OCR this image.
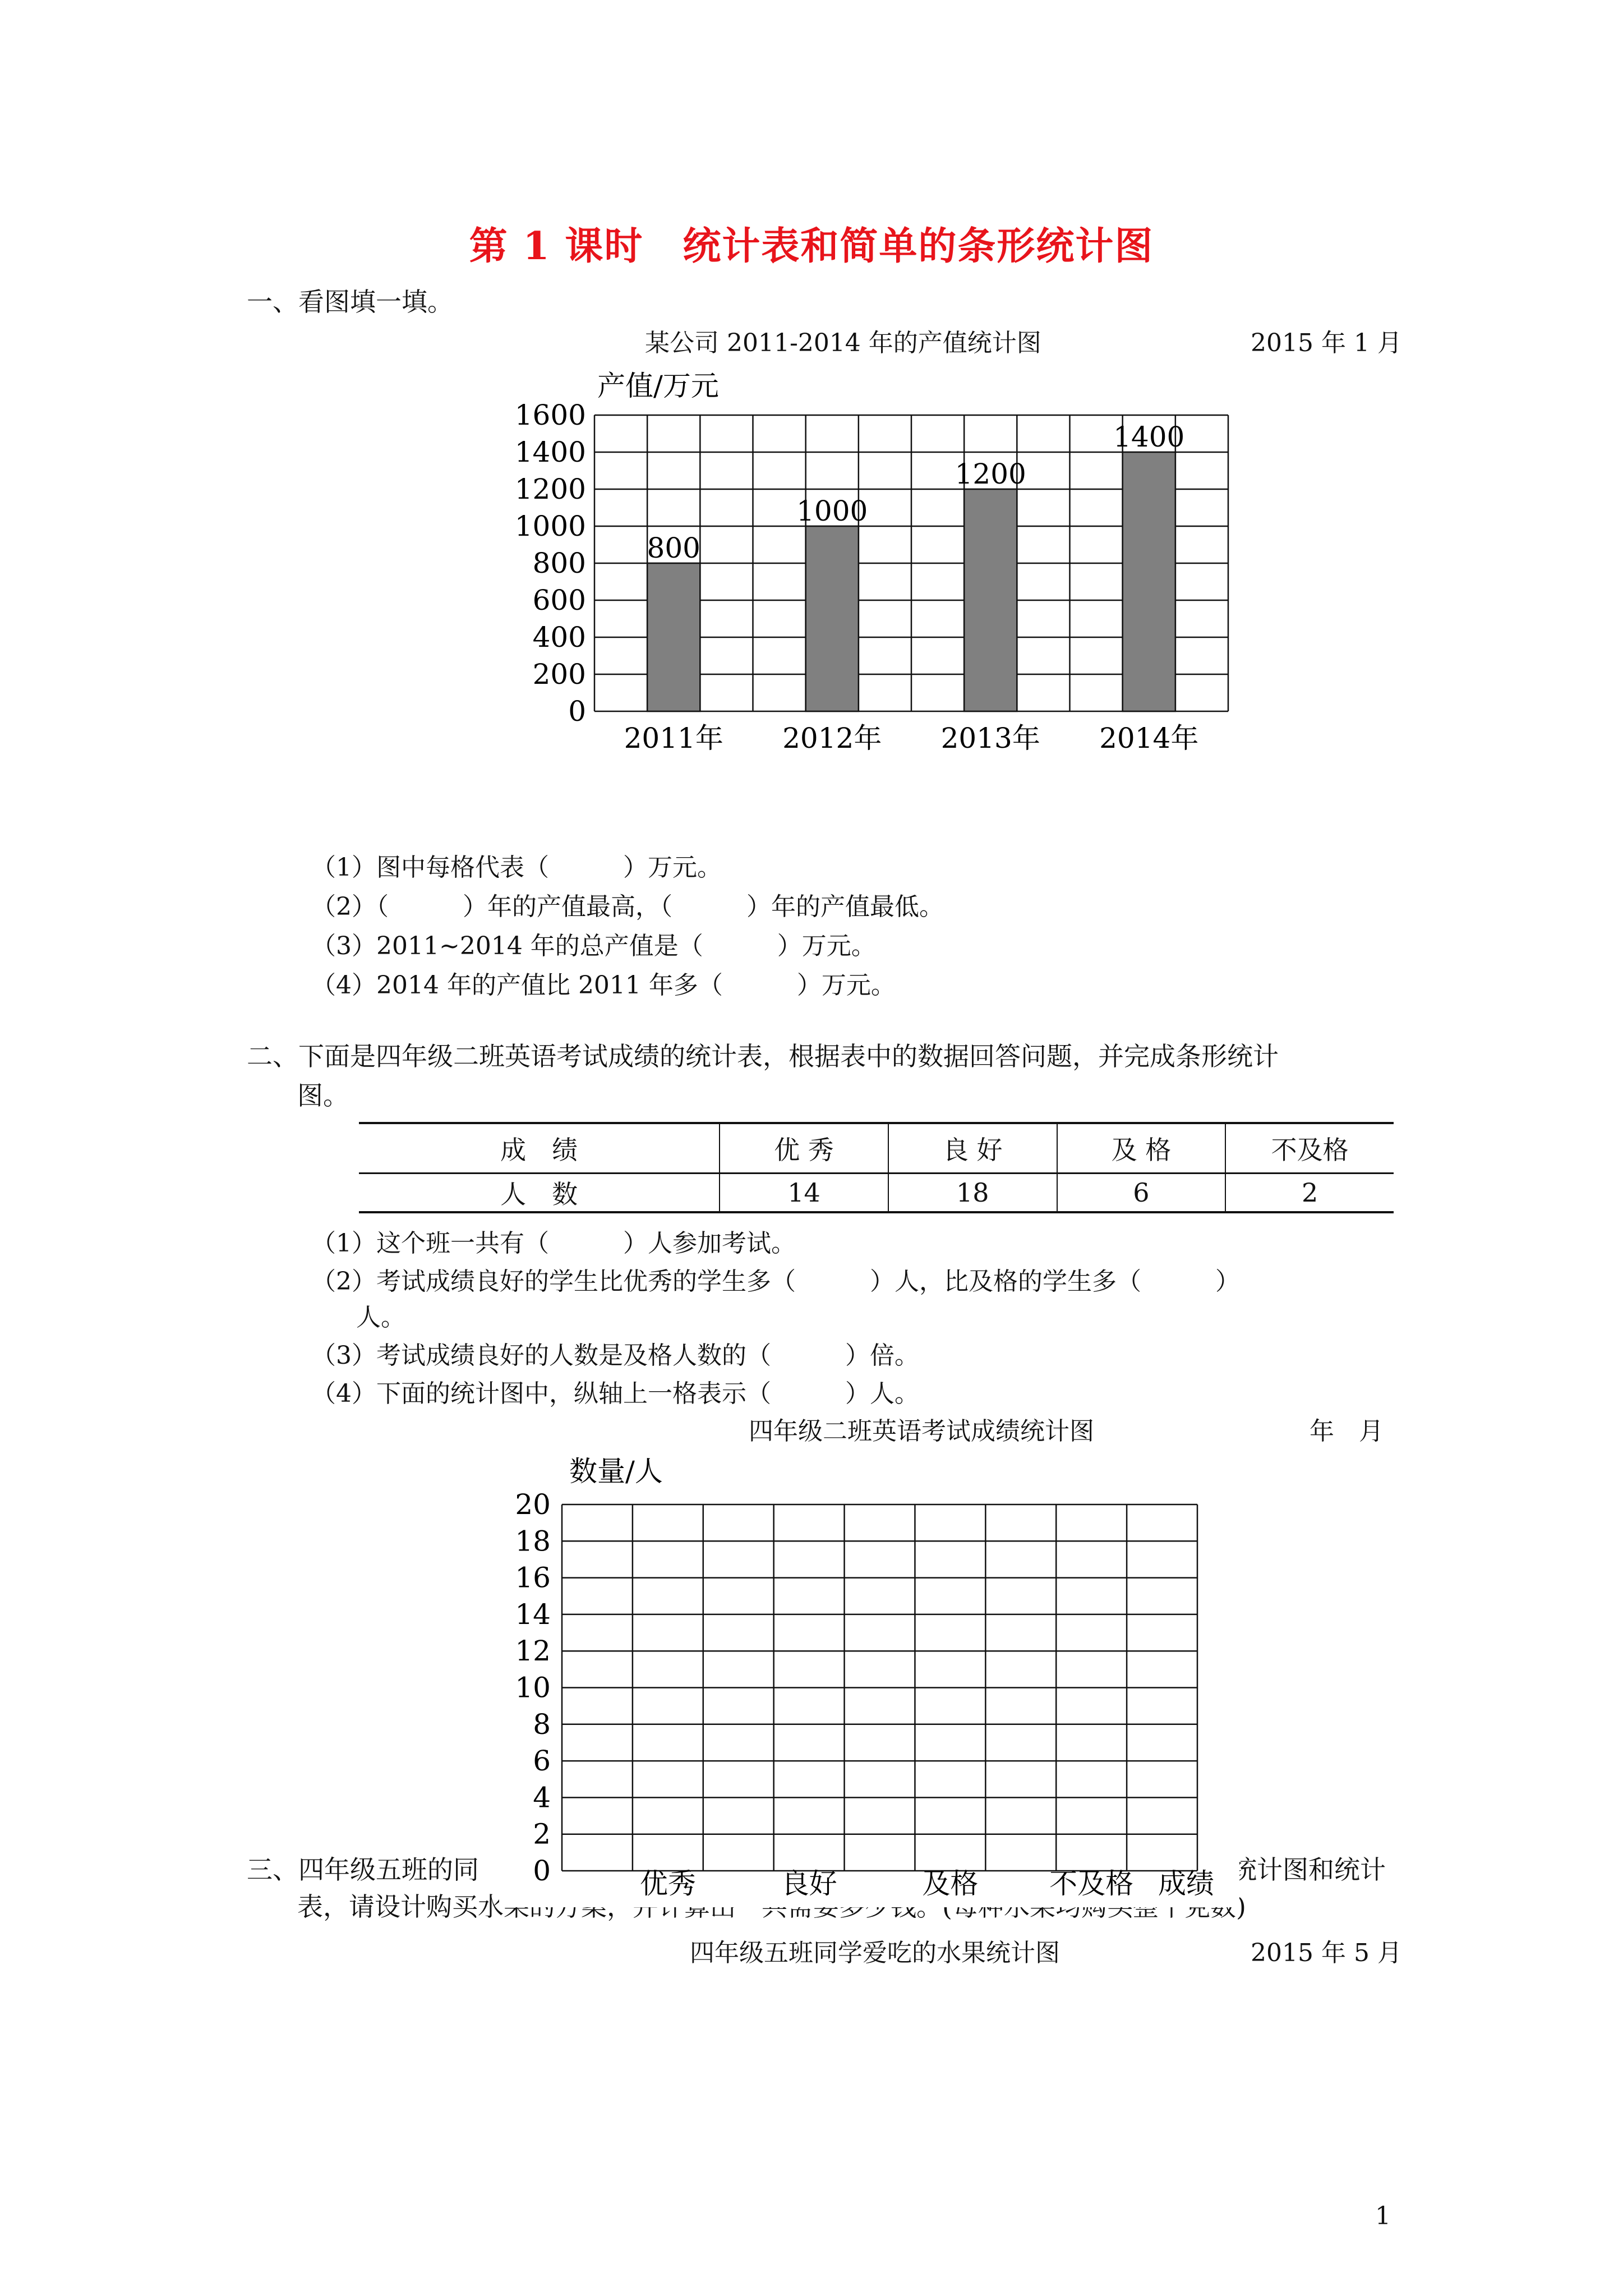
第 1 课时　统计表和简单的条形统计图
一、看图填一填。
某公司 2011-2014 年的产值统计图	2015 年 1 月
产值/万元
0
200
400
600
800
1000
1200
1400
1600
2011年 2012年 2013年 2014年
800
1000
1200
1400
（1）图中每格代表（　　　）万元。
（2）（　　　）年的产值最高，（　　　）年的产值最低。
（3）2011~2014 年的总产值是（　　　）万元。
（4）2014 年的产值比 2011 年多（　　　）万元。
二、下面是四年级二班英语考试成绩的统计表，根据表中的数据回答问题，并完成条形统计
图。
成　绩	优 秀	良 好	及 格	不及格
人　数	14	18	6	2
（1）这个班一共有（　　　）人参加考试。
（2）考试成绩良好的学生比优秀的学生多（　　　）人，比及格的学生多（　　　）
人。
（3）考试成绩良好的人数是及格人数的（　　　）倍。
（4）下面的统计图中，纵轴上一格表示（　　　）人。
四年级二班英语考试成绩统计图	年　月
三、四年级五班的同	统计图和统计
表，请设计购买水果的方案，并计算出一共需要多少钱。(每种水果均购买整千克数)
数量/人
0
2
4
6
8
10
12
14
16
18
20
优秀	良好	及格	不及格 成绩
四年级五班同学爱吃的水果统计图	2015 年 5 月
1
